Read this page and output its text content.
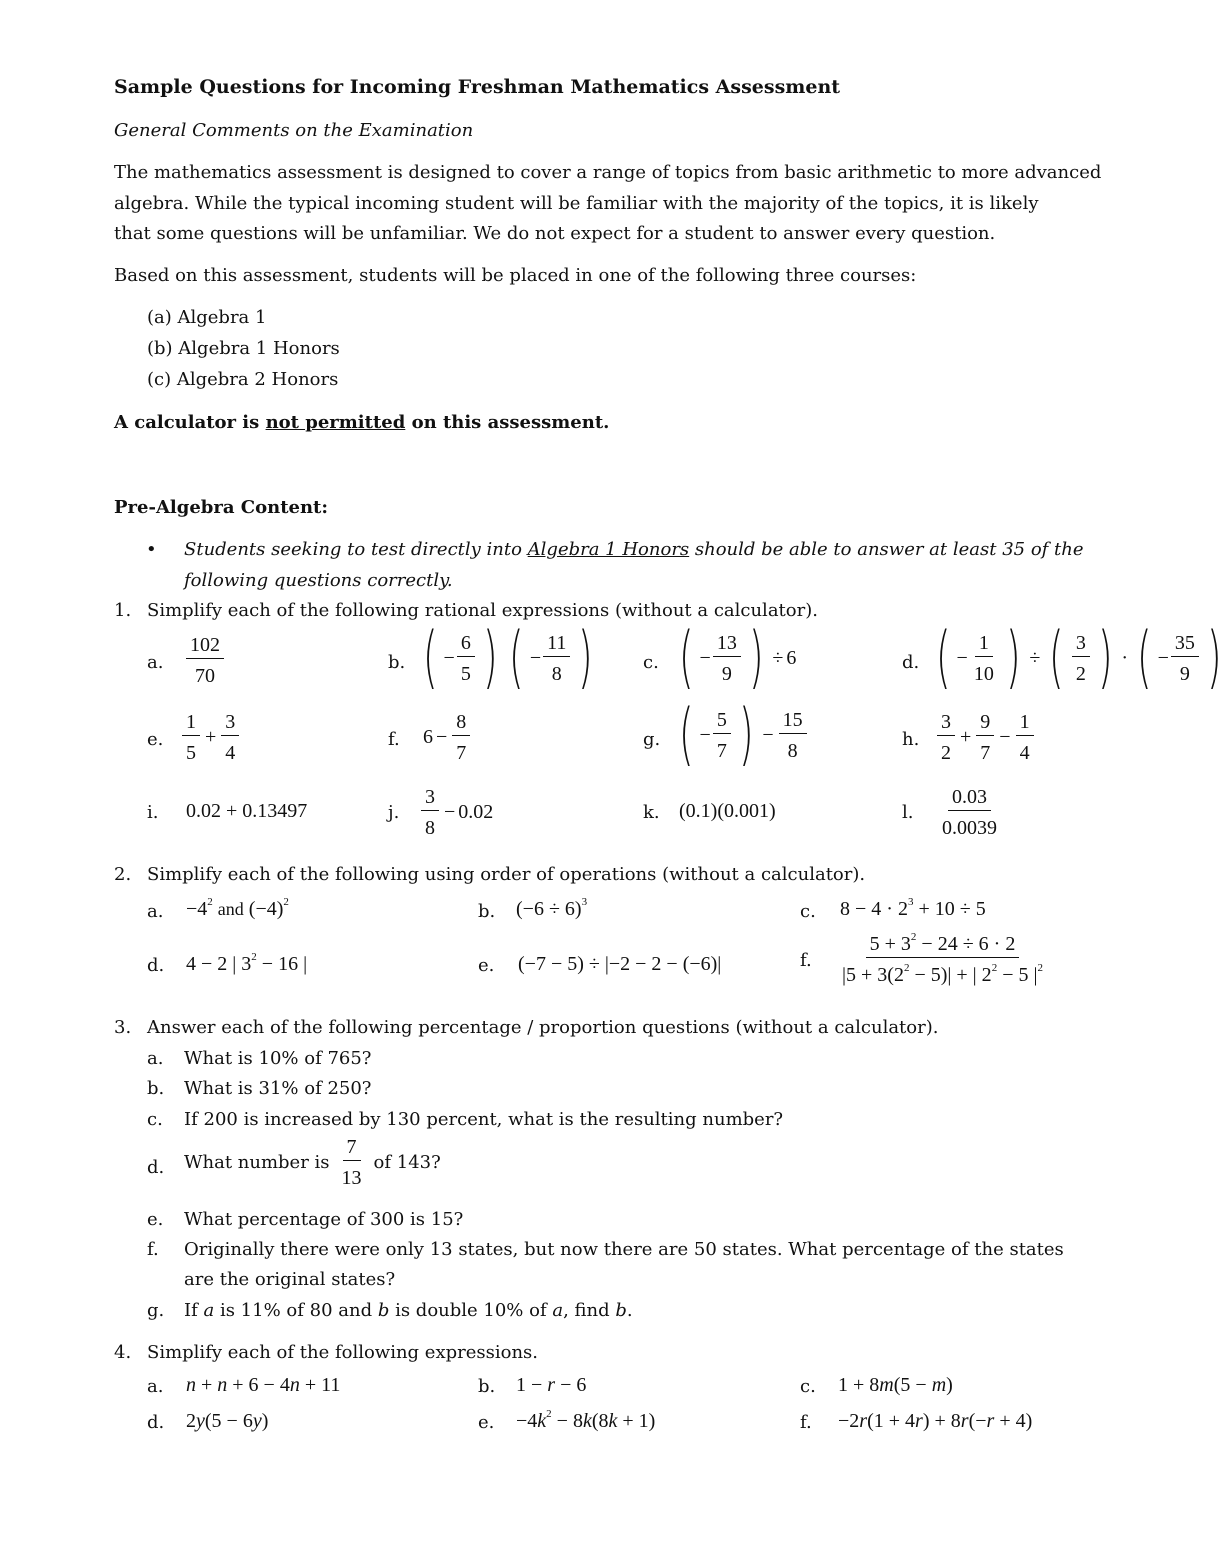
Sample Questions for Incoming Freshman Mathematics Assessment
General Comments on the Examination
The mathematics assessment is designed to cover a range of topics from basic arithmetic to more advanced
algebra. While the typical incoming student will be familiar with the majority of the topics, it is likely
that some questions will be unfamiliar. We do not expect for a student to answer every question.
Based on this assessment, students will be placed in one of the following three courses:
(a) Algebra 1
(b) Algebra 1 Honors
(c) Algebra 2 Honors
A calculator is not permitted on this assessment.
Pre-Algebra Content:
• Students seeking to test directly into Algebra 1 Honors should be able to answer at least 35 of the
following questions correctly.
1. Simplify each of the following rational expressions (without a calculator).
a. $\frac{102}{70}$	b. ( − $\frac{6}{5}$ ) ( − $\frac{11}{8}$ )	c. ( − $\frac{13}{9}$ ) ÷ 6	d. ( − $\frac{1}{10}$ ) ÷ ( $\frac{3}{2}$ ) · ( − $\frac{35}{9}$ )
e. $\frac{1}{5} + \frac{3}{4}$	f. $6 - \frac{8}{7}$	g. ( − $\frac{5}{7}$ ) − $\frac{15}{8}$	h. $\frac{3}{2} + \frac{9}{7} - \frac{1}{4}$
i. 0.02 + 0.13497	j. $\frac{3}{8} - 0.02$	k. (0.1)(0.001)	l. $\frac{0.03}{0.0039}$
2. Simplify each of the following using order of operations (without a calculator).
a. $-4^2$ and $(-4)^2$	b. $(-6 \div 6)^3$	c. $8 - 4 \cdot 2^3 + 10 \div 5$
d. 4 − 2 | $3^2 - 16$ |	e. (−7 − 5) ÷ |−2 − 2 − (−6)|	f. $\frac{5 + 3^2 - 24 \div 6 \cdot 2}{|5 + 3(2^2 - 5)| + | 2^2 - 5 |^2}$
3. Answer each of the following percentage / proportion questions (without a calculator).
a. What is 10% of 765?
b. What is 31% of 250?
c. If 200 is increased by 130 percent, what is the resulting number?
d. What number is $\frac{7}{13}$ of 143?
e. What percentage of 300 is 15?
f. Originally there were only 13 states, but now there are 50 states. What percentage of the states
are the original states?
g. If a is 11% of 80 and b is double 10% of a, find b.
4. Simplify each of the following expressions.
a. n + n + 6 − 4n + 11	b. 1 − r − 6	c. 1 + 8m(5 − m)
d. 2y(5 − 6y)	e. $-4k^2 - 8k(8k + 1)$	f. −2r(1 + 4r) + 8r(−r + 4)
